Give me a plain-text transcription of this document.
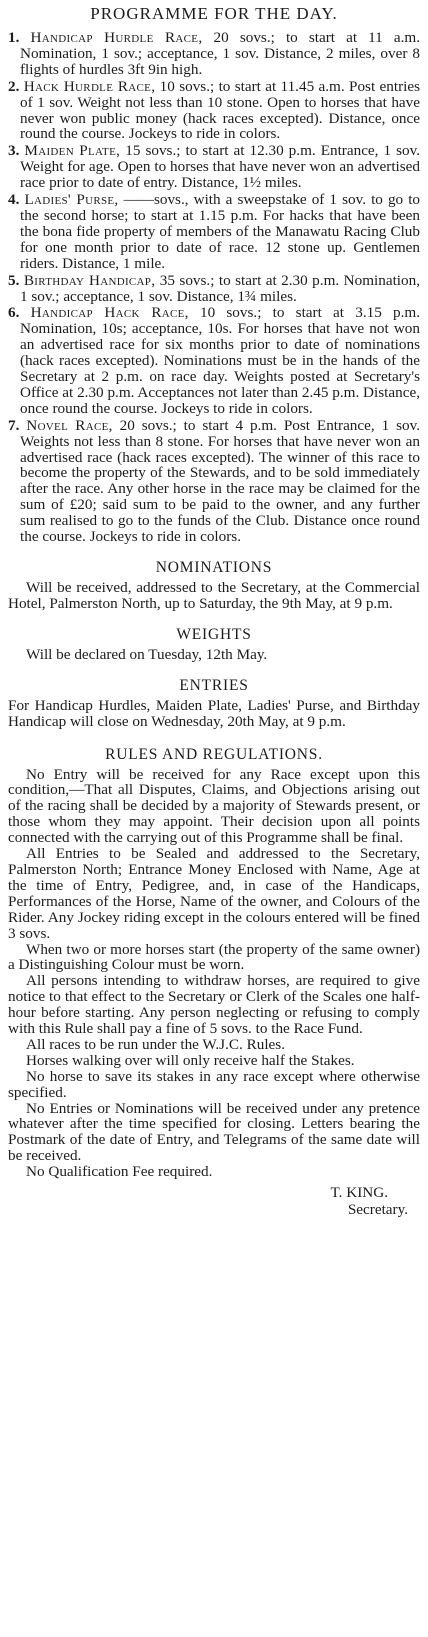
PROGRAMME FOR THE DAY.

1. Handicap Hurdle Race, 20 sovs.; to start at 11 a.m. Nomination, 1 sov.; acceptance, 1 sov. Distance, 2 miles, over 8 flights of hurdles 3ft 9in high.

2. Hack Hurdle Race, 10 sovs.; to start at 11.45 a.m. Post entries of 1 sov. Weight not less than 10 stone. Open to horses that have never won public money (hack races excepted). Distance, once round the course. Jockeys to ride in colors.

3. Maiden Plate, 15 sovs.; to start at 12.30 p.m. Entrance, 1 sov. Weight for age. Open to horses that have never won an advertised race prior to date of entry. Distance, 1½ miles.

4. Ladies' Purse, ——sovs., with a sweepstake of 1 sov. to go to the second horse; to start at 1.15 p.m. For hacks that have been the bona fide property of members of the Manawatu Racing Club for one month prior to date of race. 12 stone up. Gentlemen riders. Distance, 1 mile.

5. Birthday Handicap, 35 sovs.; to start at 2.30 p.m. Nomination, 1 sov.; acceptance, 1 sov. Distance, 1¾ miles.

6. Handicap Hack Race, 10 sovs.; to start at 3.15 p.m. Nomination, 10s; acceptance, 10s. For horses that have not won an advertised race for six months prior to date of nominations (hack races excepted). Nominations must be in the hands of the Secretary at 2 p.m. on race day. Weights posted at Secretary's Office at 2.30 p.m. Acceptances not later than 2.45 p.m. Distance, once round the course. Jockeys to ride in colors.

7. Novel Race, 20 sovs.; to start 4 p.m. Post Entrance, 1 sov. Weights not less than 8 stone. For horses that have never won an advertised race (hack races excepted). The winner of this race to become the property of the Stewards, and to be sold immediately after the race. Any other horse in the race may be claimed for the sum of £20; said sum to be paid to the owner, and any further sum realised to go to the funds of the Club. Distance once round the course. Jockeys to ride in colors.

NOMINATIONS

Will be received, addressed to the Secretary, at the Commercial Hotel, Palmerston North, up to Saturday, the 9th May, at 9 p.m.

WEIGHTS

Will be declared on Tuesday, 12th May.

ENTRIES

For Handicap Hurdles, Maiden Plate, Ladies' Purse, and Birthday Handicap will close on Wednesday, 20th May, at 9 p.m.

RULES AND REGULATIONS.

No Entry will be received for any Race except upon this condition,—That all Disputes, Claims, and Objections arising out of the racing shall be decided by a majority of Stewards present, or those whom they may appoint. Their decision upon all points connected with the carrying out of this Programme shall be final.

All Entries to be Sealed and addressed to the Secretary, Palmerston North; Entrance Money Enclosed with Name, Age at the time of Entry, Pedigree, and, in case of the Handicaps, Performances of the Horse, Name of the owner, and Colours of the Rider. Any Jockey riding except in the colours entered will be fined 3 sovs.

When two or more horses start (the property of the same owner) a Distinguishing Colour must be worn.

All persons intending to withdraw horses, are required to give notice to that effect to the Secretary or Clerk of the Scales one half-hour before starting. Any person neglecting or refusing to comply with this Rule shall pay a fine of 5 sovs. to the Race Fund.

All races to be run under the W.J.C. Rules.

Horses walking over will only receive half the Stakes.

No horse to save its stakes in any race except where otherwise specified.

No Entries or Nominations will be received under any pretence whatever after the time specified for closing. Letters bearing the Postmark of the date of Entry, and Telegrams of the same date will be received.

No Qualification Fee required.

T. KING.
Secretary.
